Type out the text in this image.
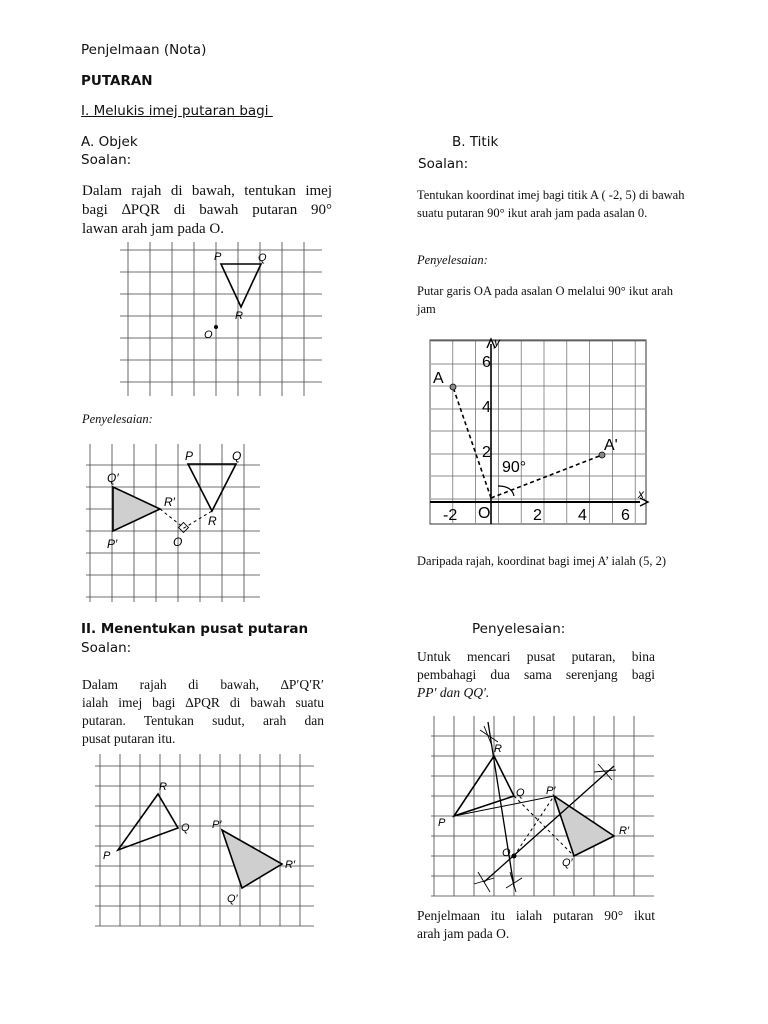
Penjelmaan (Nota)
PUTARAN
I. Melukis imej putaran bagi
A. Objek
Soalan:
Dalam rajah di bawah, tentukan imej
bagi ∆PQR di bawah putaran 90°
lawan arah jam pada O.
P	Q
R
O
Penyelesaian:
P	Q
R
O
Q′
R′
P′
B. Titik
Soalan:
Tentukan koordinat imej bagi titik A ( -2, 5) di bawah suatu putaran 90° ikut arah jam pada asalan 0.
Penyelesaian:
Putar garis OA pada asalan O melalui 90° ikut arah jam
A
A'
90°
O
6
4
2
-2	2 4 6
x
y
Daripada rajah, koordinat bagi imej A’ ialah (5, 2)
II. Menentukan pusat putaran
Soalan:
Dalam rajah di bawah, ∆P′Q′R′
ialah imej bagi ∆PQR di bawah suatu
putaran. Tentukan sudut, arah dan
pusat putaran itu.
P
R
Q P′
R′
Q′
Penyelesaian:
Untuk mencari pusat putaran, bina
pembahagi dua sama serenjang bagi
PP′ dan QQ′.
R
Q
P
O
P′
R′
Q′
Penjelmaan itu ialah putaran 90° ikut
arah jam pada O.
